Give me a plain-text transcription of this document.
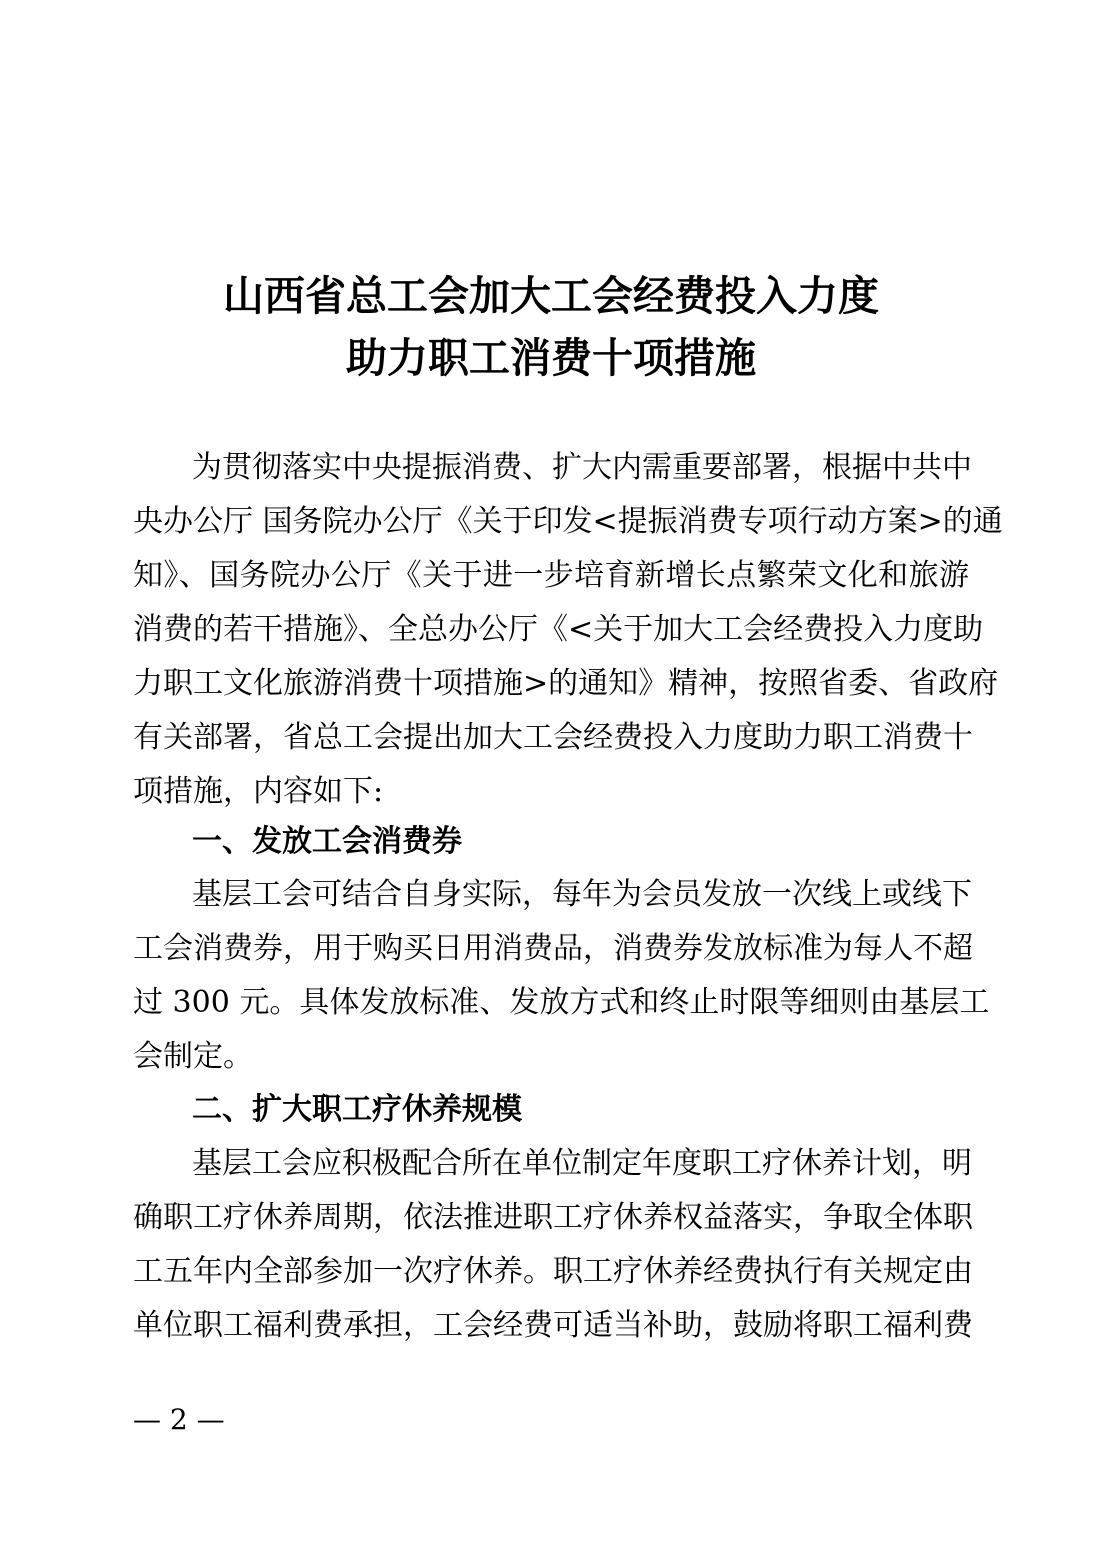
山西省总工会加大工会经费投入力度
助力职工消费十项措施
为贯彻落实中央提振消费、扩大内需重要部署，根据中共中
央办公厅 国务院办公厅《关于印发<提振消费专项行动方案>的通
知》、国务院办公厅《关于进一步培育新增长点繁荣文化和旅游
消费的若干措施》、全总办公厅《<关于加大工会经费投入力度助
力职工文化旅游消费十项措施>的通知》精神，按照省委、省政府
有关部署，省总工会提出加大工会经费投入力度助力职工消费十
项措施，内容如下:
一、发放工会消费券
基层工会可结合自身实际，每年为会员发放一次线上或线下
工会消费券，用于购买日用消费品，消费券发放标准为每人不超
过 300 元。具体发放标准、发放方式和终止时限等细则由基层工
会制定。
二、扩大职工疗休养规模
基层工会应积极配合所在单位制定年度职工疗休养计划，明
确职工疗休养周期，依法推进职工疗休养权益落实，争取全体职
工五年内全部参加一次疗休养。职工疗休养经费执行有关规定由
单位职工福利费承担，工会经费可适当补助，鼓励将职工福利费
— 2 —
